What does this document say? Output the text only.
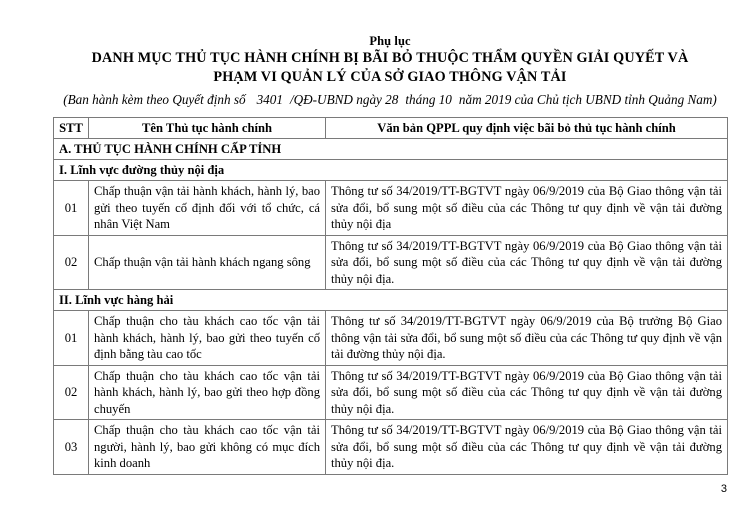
Phụ lục
DANH MỤC THỦ TỤC HÀNH CHÍNH BỊ BÃI BỎ THUỘC THẨM QUYỀN GIẢI QUYẾT VÀ
PHẠM VI QUẢN LÝ CỦA SỞ GIAO THÔNG VẬN TẢI
(Ban hành kèm theo Quyết định số 3401 /QĐ-UBND ngày 28 tháng 10 năm 2019 của Chủ tịch UBND tỉnh Quảng Nam)
STT	Tên Thủ tục hành chính	Văn bản QPPL quy định việc bãi bỏ thủ tục hành chính
A. THỦ TỤC HÀNH CHÍNH CẤP TỈNH		
I. Lĩnh vực đường thủy nội địa		
01	Chấp thuận vận tải hành khách, hành lý, bao gửi theo tuyến cố định đối với tổ chức, cá nhân Việt Nam	Thông tư số 34/2019/TT-BGTVT ngày 06/9/2019 của Bộ Giao thông vận tải sửa đổi, bổ sung một số điều của các Thông tư quy định về vận tải đường thủy nội địa
02	Chấp thuận vận tải hành khách ngang sông	Thông tư số 34/2019/TT-BGTVT ngày 06/9/2019 của Bộ Giao thông vận tải sửa đổi, bổ sung một số điều của các Thông tư quy định về vận tải đường thủy nội địa.
II. Lĩnh vực hàng hải		
01	Chấp thuận cho tàu khách cao tốc vận tải hành khách, hành lý, bao gửi theo tuyến cố định bằng tàu cao tốc	Thông tư số 34/2019/TT-BGTVT ngày 06/9/2019 của Bộ trưởng Bộ Giao thông vận tải sửa đổi, bổ sung một số điều của các Thông tư quy định về vận tải đường thủy nội địa.
02	Chấp thuận cho tàu khách cao tốc vận tải hành khách, hành lý, bao gửi theo hợp đồng chuyến	Thông tư số 34/2019/TT-BGTVT ngày 06/9/2019 của Bộ Giao thông vận tải sửa đổi, bổ sung một số điều của các Thông tư quy định về vận tải đường thủy nội địa.
03	Chấp thuận cho tàu khách cao tốc vận tải người, hành lý, bao gửi không có mục đích kinh doanh	Thông tư số 34/2019/TT-BGTVT ngày 06/9/2019 của Bộ Giao thông vận tải sửa đổi, bổ sung một số điều của các Thông tư quy định về vận tải đường thủy nội địa.
3
